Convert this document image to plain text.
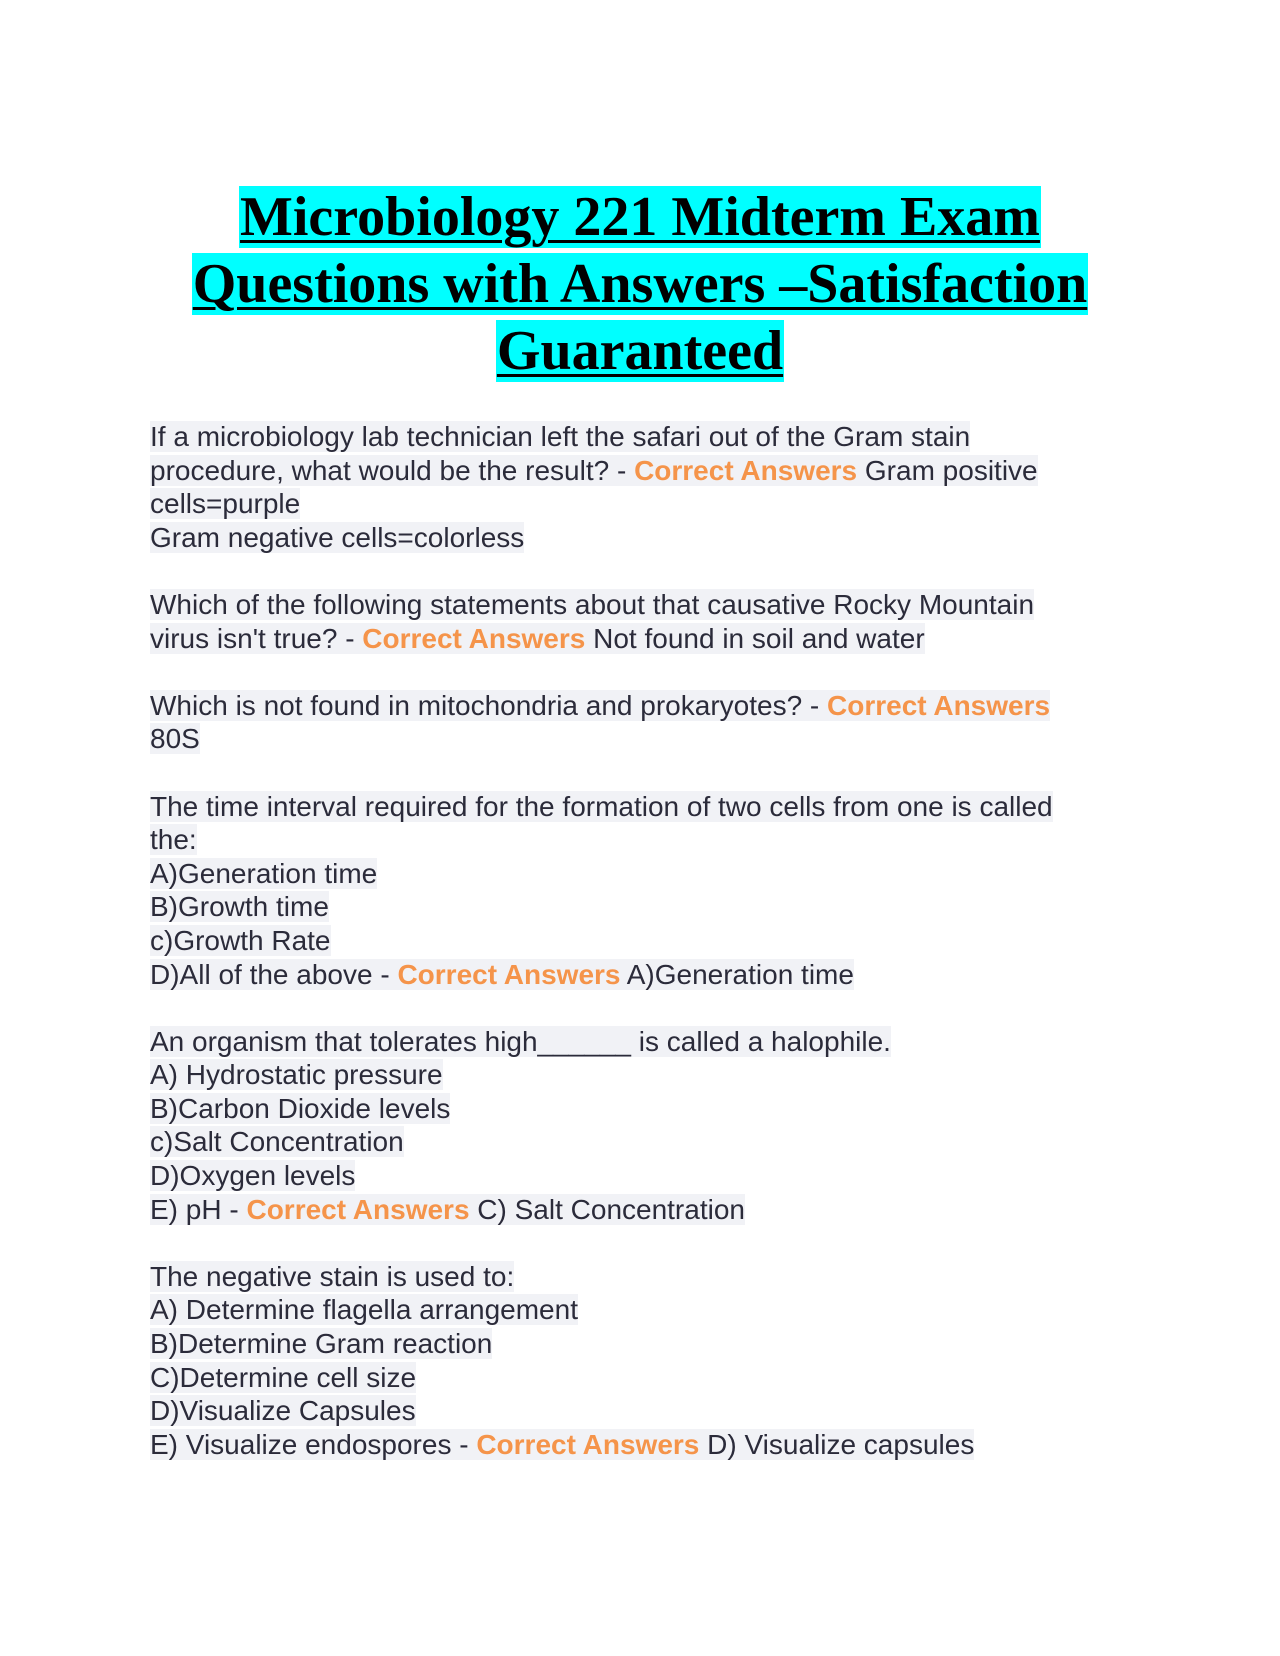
Microbiology 221 Midterm Exam
Questions with Answers –Satisfaction
Guaranteed
If a microbiology lab technician left the safari out of the Gram stain
procedure, what would be the result? - Correct Answers Gram positive
cells=purple
Gram negative cells=colorless
Which of the following statements about that causative Rocky Mountain
virus isn't true? - Correct Answers Not found in soil and water
Which is not found in mitochondria and prokaryotes? - Correct Answers
80S
The time interval required for the formation of two cells from one is called
the:
A)Generation time
B)Growth time
c)Growth Rate
D)All of the above - Correct Answers A)Generation time
An organism that tolerates high______ is called a halophile.
A) Hydrostatic pressure
B)Carbon Dioxide levels
c)Salt Concentration
D)Oxygen levels
E) pH - Correct Answers C) Salt Concentration
The negative stain is used to:
A) Determine flagella arrangement
B)Determine Gram reaction
C)Determine cell size
D)Visualize Capsules
E) Visualize endospores - Correct Answers D) Visualize capsules
